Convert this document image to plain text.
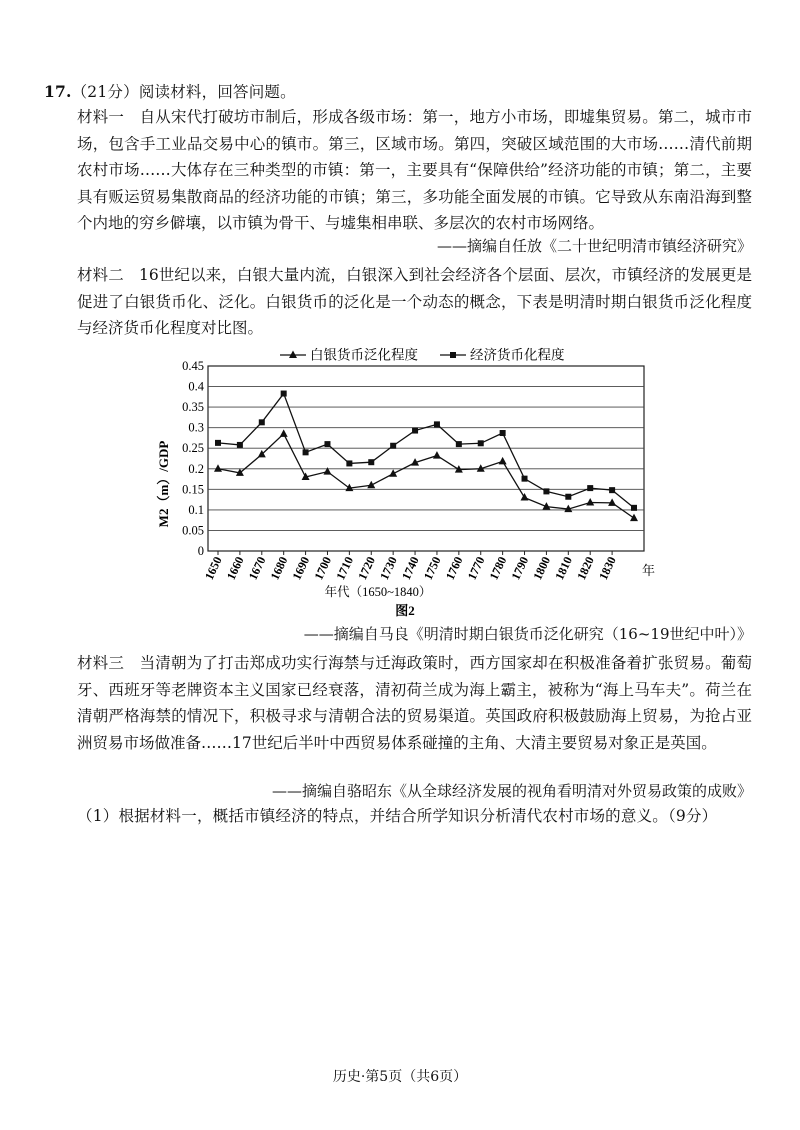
17.（21分）阅读材料，回答问题。
材料一 自从宋代打破坊市制后，形成各级市场：第一，地方小市场，即墟集贸易。第二，城市市场，包含手工业品交易中心的镇市。第三，区域市场。第四，突破区域范围的大市场……清代前期农村市场……大体存在三种类型的市镇：第一，主要具有“保障供给”经济功能的市镇；第二，主要具有贩运贸易集散商品的经济功能的市镇；第三，多功能全面发展的市镇。它导致从东南沿海到整个内地的穷乡僻壤，以市镇为骨干、与墟集相串联、多层次的农村市场网络。
——摘编自任放《二十世纪明清市镇经济研究》
材料二 16世纪以来，白银大量内流，白银深入到社会经济各个层面、层次，市镇经济的发展更是促进了白银货币化、泛化。白银货币的泛化是一个动态的概念，下表是明清时期白银货币泛化程度与经济货币化程度对比图。
白银货币泛化程度	经济货币化程度
0
0.05
0.1
0.15
0.2
0.25
0.3
0.35
0.4
0.45
1650 1660 1670 1680 1690 1700 1710 1720 1730 1740 1750 1760 1770 1780 1790 1800 1810 1820 1830
M2（m）/GDP
年
年代（1650~1840）
图2
——摘编自马良《明清时期白银货币泛化研究（16~19世纪中叶）》
材料三 当清朝为了打击郑成功实行海禁与迁海政策时，西方国家却在积极准备着扩张贸易。葡萄牙、西班牙等老牌资本主义国家已经衰落，清初荷兰成为海上霸主，被称为“海上马车夫”。荷兰在清朝严格海禁的情况下，积极寻求与清朝合法的贸易渠道。英国政府积极鼓励海上贸易，为抢占亚洲贸易市场做准备……17世纪后半叶中西贸易体系碰撞的主角、大清主要贸易对象正是英国。
——摘编自骆昭东《从全球经济发展的视角看明清对外贸易政策的成败》
（1）根据材料一，概括市镇经济的特点，并结合所学知识分析清代农村市场的意义。（9分）
历史·第5页（共6页）
